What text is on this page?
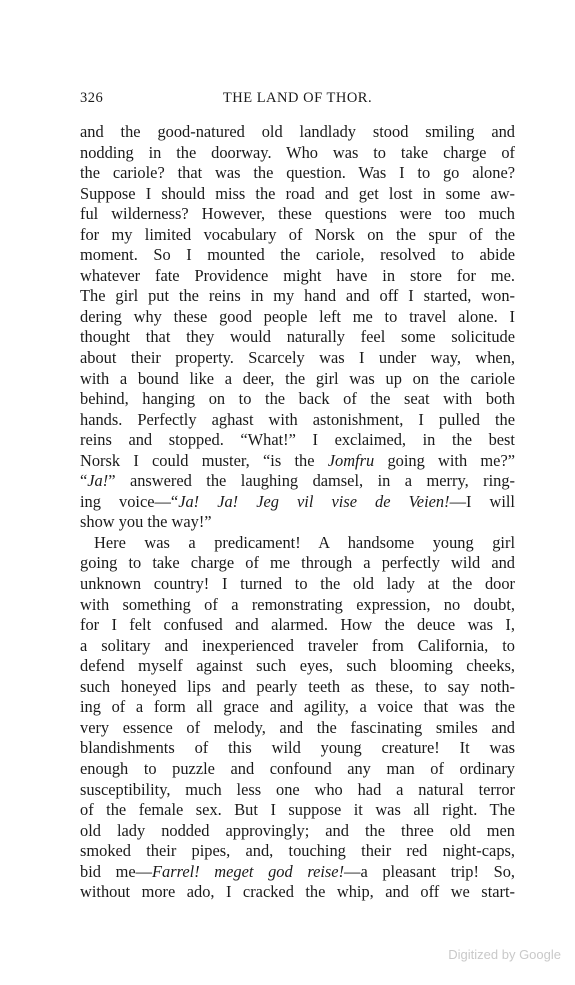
326	THE LAND OF THOR.
and the good-natured old landlady stood smiling and
nodding in the doorway. Who was to take charge of
the cariole? that was the question. Was I to go alone?
Suppose I should miss the road and get lost in some aw-
ful wilderness? However, these questions were too much
for my limited vocabulary of Norsk on the spur of the
moment. So I mounted the cariole, resolved to abide
whatever fate Providence might have in store for me.
The girl put the reins in my hand and off I started, won-
dering why these good people left me to travel alone. I
thought that they would naturally feel some solicitude
about their property. Scarcely was I under way, when,
with a bound like a deer, the girl was up on the cariole
behind, hanging on to the back of the seat with both
hands. Perfectly aghast with astonishment, I pulled the
reins and stopped. “What!” I exclaimed, in the best
Norsk I could muster, “is the Jomfru going with me?”
“Ja!” answered the laughing damsel, in a merry, ring-
ing voice—“Ja! Ja! Jeg vil vise de Veien!—I will
show you the way!”
Here was a predicament! A handsome young girl
going to take charge of me through a perfectly wild and
unknown country! I turned to the old lady at the door
with something of a remonstrating expression, no doubt,
for I felt confused and alarmed. How the deuce was I,
a solitary and inexperienced traveler from California, to
defend myself against such eyes, such blooming cheeks,
such honeyed lips and pearly teeth as these, to say noth-
ing of a form all grace and agility, a voice that was the
very essence of melody, and the fascinating smiles and
blandishments of this wild young creature! It was
enough to puzzle and confound any man of ordinary
susceptibility, much less one who had a natural terror
of the female sex. But I suppose it was all right. The
old lady nodded approvingly; and the three old men
smoked their pipes, and, touching their red night-caps,
bid me—Farrel! meget god reise!—a pleasant trip! So,
without more ado, I cracked the whip, and off we start-
Digitized by Google
